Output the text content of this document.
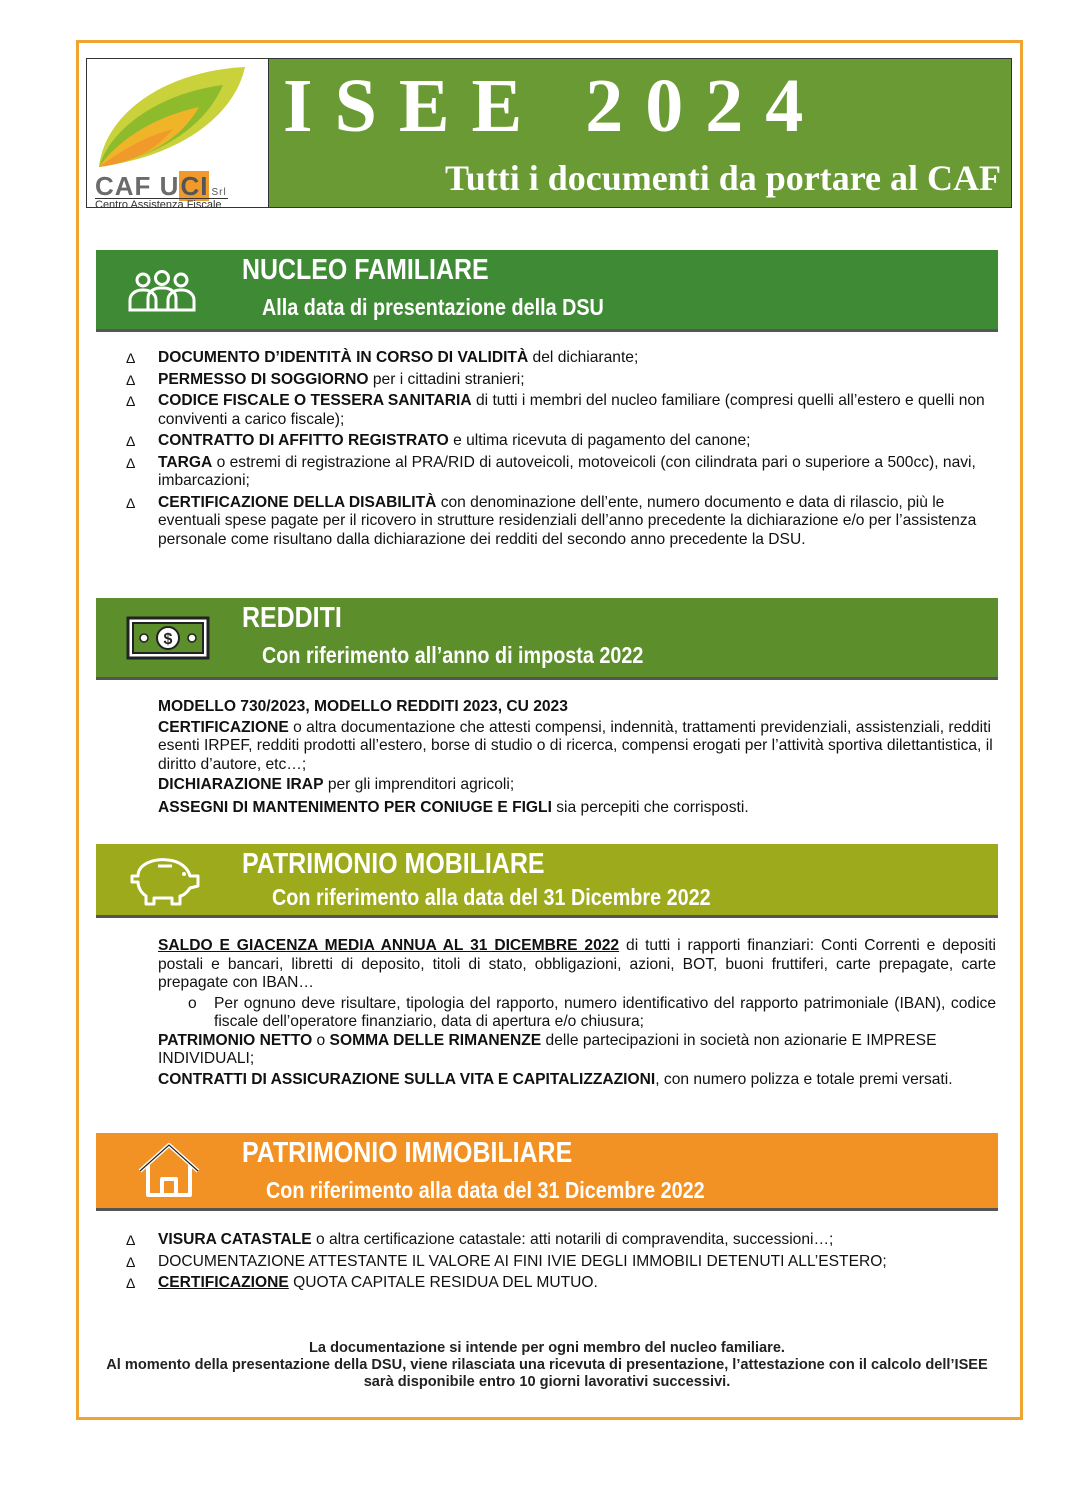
CAF UCI Srl
Centro Assistenza Fiscale
ISEE 2024
Tutti i documenti da portare al CAF
NUCLEO FAMILIARE
Alla data di presentazione della DSU
Δ	DOCUMENTO D’IDENTITÀ IN CORSO DI VALIDITÀ del dichiarante;
Δ	PERMESSO DI SOGGIORNO per i cittadini stranieri;
Δ	CODICE FISCALE O TESSERA SANITARIA di tutti i membri del nucleo familiare (compresi quelli all’estero e quelli non conviventi a carico fiscale);
Δ	CONTRATTO DI AFFITTO REGISTRATO e ultima ricevuta di pagamento del canone;
Δ	TARGA o estremi di registrazione al PRA/RID di autoveicoli, motoveicoli (con cilindrata pari o superiore a 500cc), navi, imbarcazioni;
Δ	CERTIFICAZIONE DELLA DISABILITÀ con denominazione dell’ente, numero documento e data di rilascio, più le eventuali spese pagate per il ricovero in strutture residenziali dell’anno precedente la dichiarazione e/o per l’assistenza personale come risultano dalla dichiarazione dei redditi del secondo anno precedente la DSU.
$
REDDITI
Con riferimento all’anno di imposta 2022

MODELLO 730/2023, MODELLO REDDITI 2023, CU 2023

CERTIFICAZIONE o altra documentazione che attesti compensi, indennità, trattamenti previdenziali, assistenziali, redditi esenti IRPEF, redditi prodotti all’estero, borse di studio o di ricerca, compensi erogati per l’attività sportiva dilettantistica, il diritto d’autore, etc…;

DICHIARAZIONE IRAP per gli imprenditori agricoli;

ASSEGNI DI MANTENIMENTO PER CONIUGE E FIGLI sia percepiti che corrisposti.

PATRIMONIO MOBILIARE
Con riferimento alla data del 31 Dicembre 2022

SALDO E GIACENZA MEDIA ANNUA AL 31 DICEMBRE 2022 di tutti i rapporti finanziari: Conti Correnti e depositi postali e bancari, libretti di deposito, titoli di stato, obbligazioni, azioni, BOT, buoni fruttiferi, carte prepagate, carte prepagate con IBAN…

o	Per ognuno deve risultare, tipologia del rapporto, numero identificativo del rapporto patrimoniale (IBAN), codice fiscale dell’operatore finanziario, data di apertura e/o chiusura;

PATRIMONIO NETTO o SOMMA DELLE RIMANENZE delle partecipazioni in società non azionarie E IMPRESE INDIVIDUALI;

CONTRATTI DI ASSICURAZIONE SULLA VITA E CAPITALIZZAZIONI, con numero polizza e totale premi versati.

PATRIMONIO IMMOBILIARE
Con riferimento alla data del 31 Dicembre 2022
Δ	VISURA CATASTALE o altra certificazione catastale: atti notarili di compravendita, successioni…;
Δ	DOCUMENTAZIONE ATTESTANTE IL VALORE AI FINI IVIE DEGLI IMMOBILI DETENUTI ALL’ESTERO;
Δ	CERTIFICAZIONE QUOTA CAPITALE RESIDUA DEL MUTUO.
La documentazione si intende per ogni membro del nucleo familiare.
Al momento della presentazione della DSU, viene rilasciata una ricevuta di presentazione, l’attestazione con il calcolo dell’ISEE sarà disponibile entro 10 giorni lavorativi successivi.
